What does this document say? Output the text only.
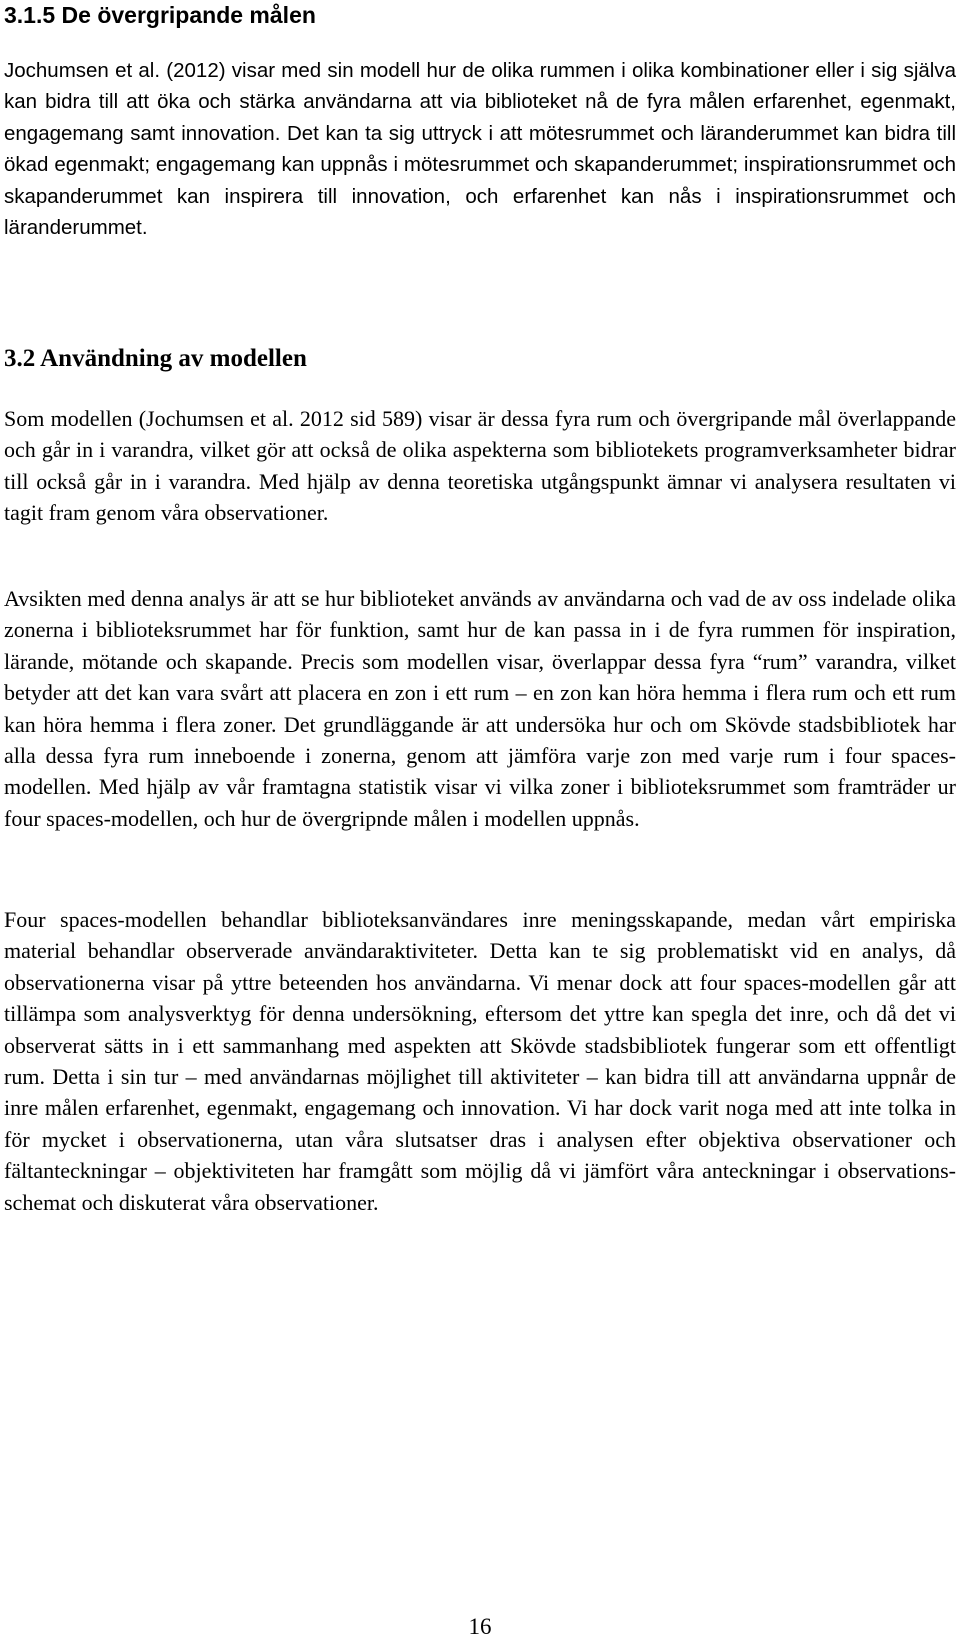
3.1.5 De övergripande målen

Jochumsen et al. (2012) visar med sin modell hur de olika rummen i olika kombinationer eller i sig själva kan bidra till att öka och stärka användarna att via biblioteket nå de fyra målen erfarenhet, egenmakt, engagemang samt innovation. Det kan ta sig uttryck i att mötesrummet och läranderummet kan bidra till ökad egenmakt; engagemang kan uppnås i mötesrummet och skapanderummet; inspirationsrummet och skapanderummet kan inspirera till innovation, och erfarenhet kan nås i inspirationsrummet och läranderummet.

3.2 Användning av modellen

Som modellen (Jochumsen et al. 2012 sid 589) visar är dessa fyra rum och övergripande mål överlappande och går in i varandra, vilket gör att också de olika aspekterna som bibliotekets programverksamheter bidrar till också går in i varandra. Med hjälp av denna teoretiska utgångspunkt ämnar vi analysera resultaten vi tagit fram genom våra observationer.

Avsikten med denna analys är att se hur biblioteket används av användarna och vad de av oss indelade olika zonerna i biblioteksrummet har för funktion, samt hur de kan passa in i de fyra rummen för inspiration, lärande, mötande och skapande. Precis som modellen visar, överlappar dessa fyra “rum” varandra, vilket betyder att det kan vara svårt att placera en zon i ett rum – en zon kan höra hemma i flera rum och ett rum kan höra hemma i flera zoner. Det grundläggande är att undersöka hur och om Skövde stadsbibliotek har alla dessa fyra rum inneboende i zonerna, genom att jämföra varje zon med varje rum i four spaces-modellen. Med hjälp av vår framtagna statistik visar vi vilka zoner i biblioteksrummet som framträder ur four spaces-modellen, och hur de övergripnde målen i modellen uppnås.

Four spaces-modellen behandlar biblioteksanvändares inre meningsskapande, medan vårt empiriska material behandlar observerade användaraktiviteter. Detta kan te sig problematiskt vid en analys, då observationerna visar på yttre beteenden hos användarna. Vi menar dock att four spaces-modellen går att tillämpa som analysverktyg för denna undersökning, eftersom det yttre kan spegla det inre, och då det vi observerat sätts in i ett sammanhang med aspekten att Skövde stadsbibliotek fungerar som ett offentligt rum. Detta i sin tur – med användarnas möjlighet till aktiviteter – kan bidra till att användarna uppnår de inre målen erfarenhet, egenmakt, engagemang och innovation. Vi har dock varit noga med att inte tolka in för mycket i observationerna, utan våra slutsatser dras i analysen efter objektiva observationer och fältanteckningar – objektiviteten har framgått som möjlig då vi jämfört våra anteckningar i observationsschemat och diskuterat våra observationer.

16
